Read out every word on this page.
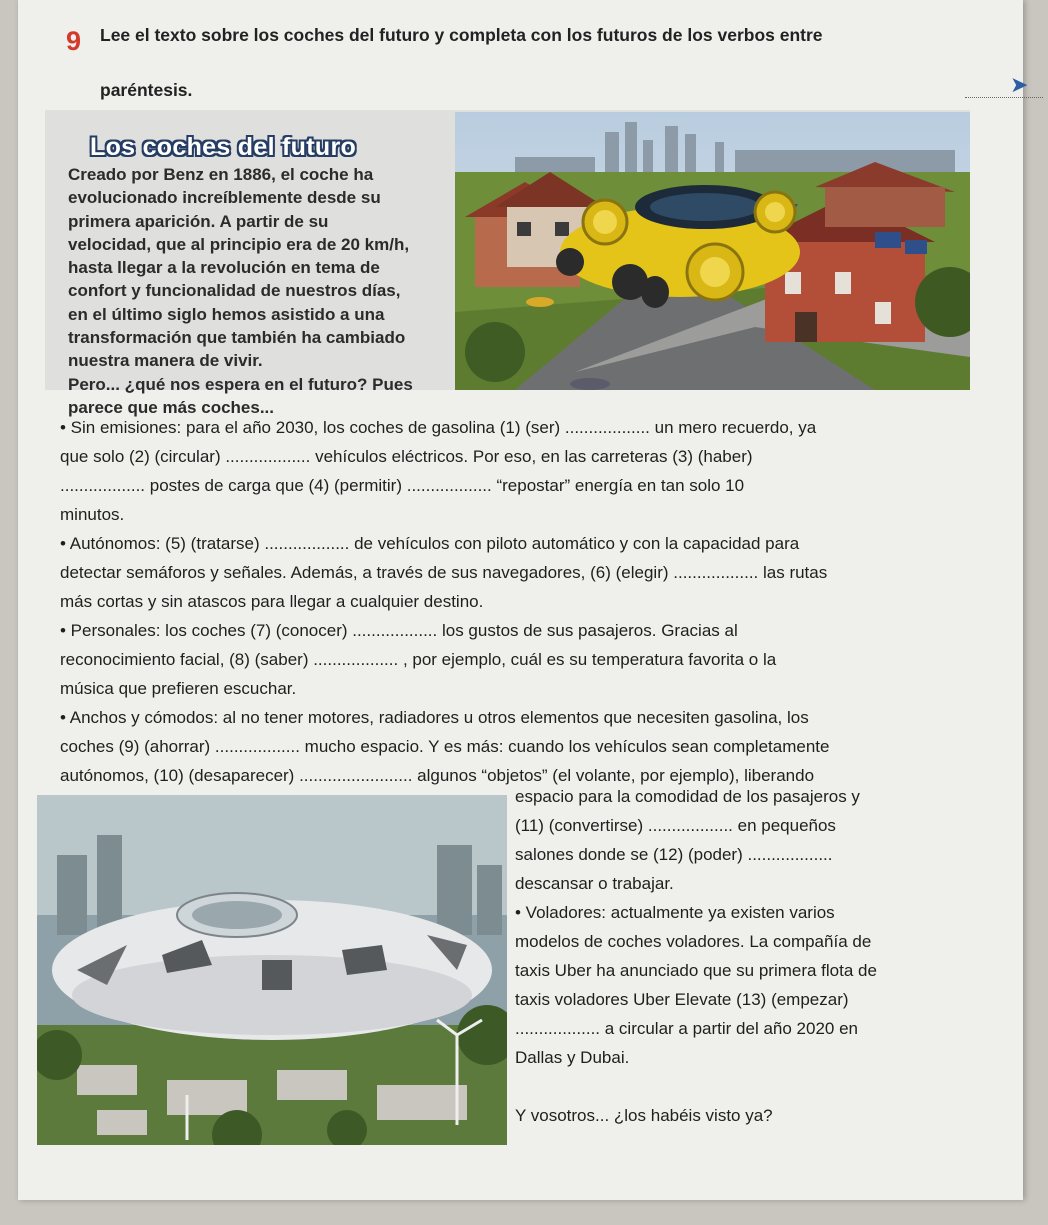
9 Lee el texto sobre los coches del futuro y completa con los futuros de los verbos entre
paréntesis.	➤
Los coches del futuro
Creado por Benz en 1886, el coche ha
evolucionado increíblemente desde su
primera aparición. A partir de su
velocidad, que al principio era de 20 km/h,
hasta llegar a la revolución en tema de
confort y funcionalidad de nuestros días,
en el último siglo hemos asistido a una
transformación que también ha cambiado
nuestra manera de vivir.
Pero... ¿qué nos espera en el futuro? Pues
parece que más coches...
• Sin emisiones: para el año 2030, los coches de gasolina (1) (ser) .................. un mero recuerdo, ya
que solo (2) (circular) .................. vehículos eléctricos. Por eso, en las carreteras (3) (haber)
.................. postes de carga que (4) (permitir) .................. “repostar” energía en tan solo 10
minutos.
• Autónomos: (5) (tratarse) .................. de vehículos con piloto automático y con la capacidad para
detectar semáforos y señales. Además, a través de sus navegadores, (6) (elegir) .................. las rutas
más cortas y sin atascos para llegar a cualquier destino.
• Personales: los coches (7) (conocer) .................. los gustos de sus pasajeros. Gracias al
reconocimiento facial, (8) (saber) .................. , por ejemplo, cuál es su temperatura favorita o la
música que prefieren escuchar.
• Anchos y cómodos: al no tener motores, radiadores u otros elementos que necesiten gasolina, los
coches (9) (ahorrar) .................. mucho espacio. Y es más: cuando los vehículos sean completamente
autónomos, (10) (desaparecer) ........................ algunos “objetos” (el volante, por ejemplo), liberando
espacio para la comodidad de los pasajeros y
(11) (convertirse) .................. en pequeños
salones donde se (12) (poder) ..................
descansar o trabajar.
• Voladores: actualmente ya existen varios
modelos de coches voladores. La compañía de
taxis Uber ha anunciado que su primera flota de
taxis voladores Uber Elevate (13) (empezar)
.................. a circular a partir del año 2020 en
Dallas y Dubai.

Y vosotros... ¿los habéis visto ya?
